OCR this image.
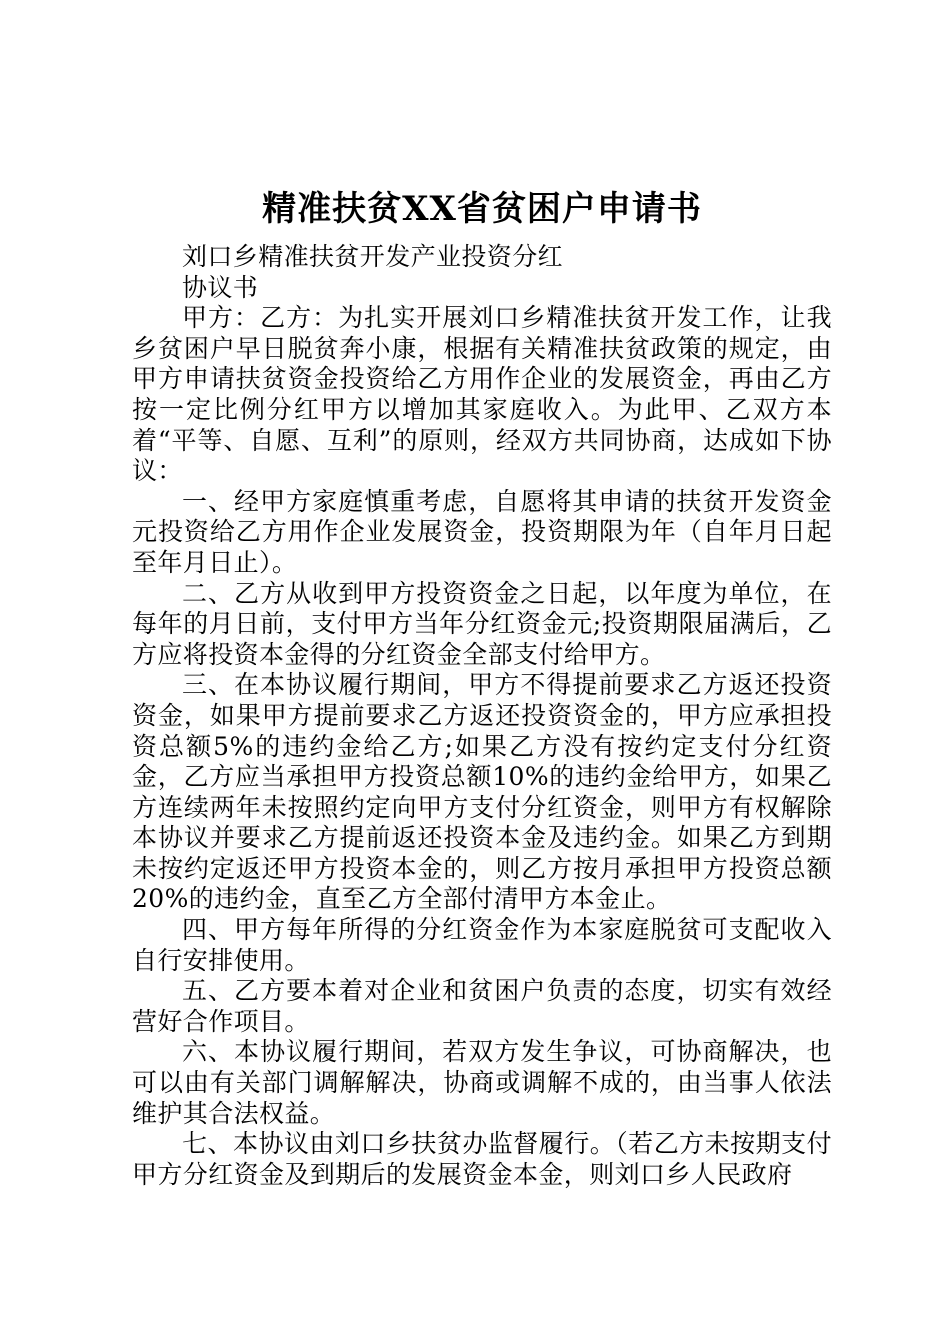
精准扶贫XX省贫困户申请书

刘口乡精准扶贫开发产业投资分红

协议书

甲方：乙方：为扎实开展刘口乡精准扶贫开发工作，让我乡贫困户早日脱贫奔小康，根据有关精准扶贫政策的规定，由甲方申请扶贫资金投资给乙方用作企业的发展资金，再由乙方按一定比例分红甲方以增加其家庭收入。为此甲、乙双方本着“平等、自愿、互利”的原则，经双方共同协商，达成如下协议：

一、经甲方家庭慎重考虑，自愿将其申请的扶贫开发资金元投资给乙方用作企业发展资金，投资期限为年（自年月日起至年月日止）。

二、乙方从收到甲方投资资金之日起，以年度为单位，在每年的月日前，支付甲方当年分红资金元;投资期限届满后，乙方应将投资本金得的分红资金全部支付给甲方。

三、在本协议履行期间，甲方不得提前要求乙方返还投资资金，如果甲方提前要求乙方返还投资资金的，甲方应承担投资总额5%的违约金给乙方;如果乙方没有按约定支付分红资金，乙方应当承担甲方投资总额10%的违约金给甲方，如果乙方连续两年未按照约定向甲方支付分红资金，则甲方有权解除本协议并要求乙方提前返还投资本金及违约金。如果乙方到期未按约定返还甲方投资本金的，则乙方按月承担甲方投资总额20%的违约金，直至乙方全部付清甲方本金止。

四、甲方每年所得的分红资金作为本家庭脱贫可支配收入自行安排使用。

五、乙方要本着对企业和贫困户负责的态度，切实有效经营好合作项目。

六、本协议履行期间，若双方发生争议，可协商解决，也可以由有关部门调解解决，协商或调解不成的，由当事人依法维护其合法权益。

七、本协议由刘口乡扶贫办监督履行。（若乙方未按期支付甲方分红资金及到期后的发展资金本金，则刘口乡人民政府
